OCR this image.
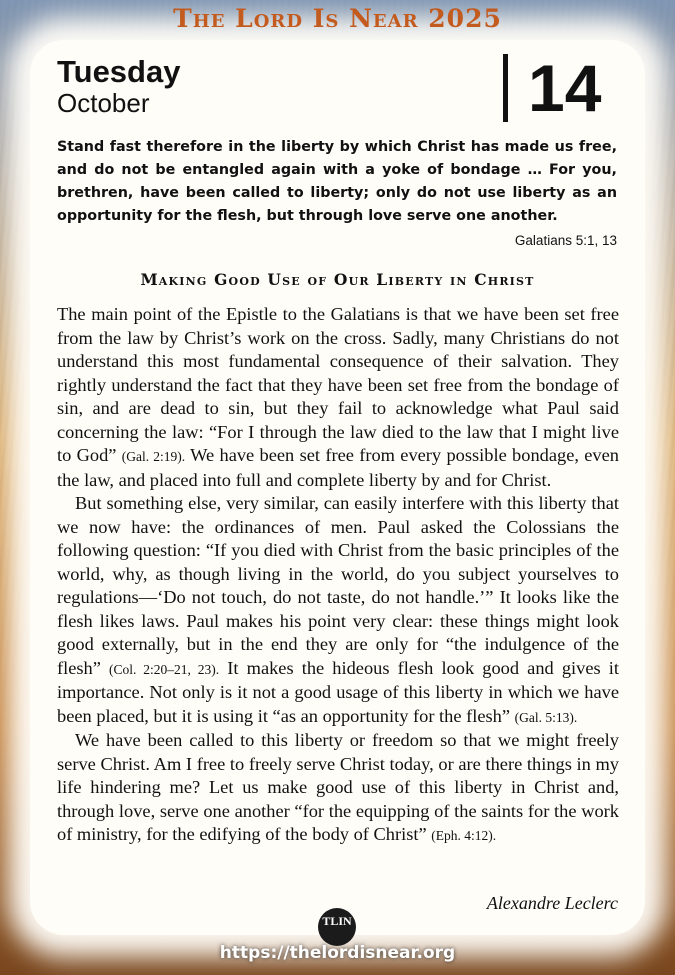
The Lord Is Near 2025
Tuesday
October	14
Stand fast therefore in the liberty by which Christ has made us free, and do not be entangled again with a yoke of bondage … For you, brethren, have been called to liberty; only do not use liberty as an opportunity for the flesh, but through love serve one another.
Galatians 5:1, 13
Making Good Use of Our Liberty in Christ

The main point of the Epistle to the Galatians is that we have been set free from the law by Christ’s work on the cross. Sadly, many Christians do not understand this most fundamental consequence of their salvation. They rightly understand the fact that they have been set free from the bondage of sin, and are dead to sin, but they fail to acknowledge what Paul said concerning the law: “For I through the law died to the law that I might live to God” (Gal. 2:19). We have been set free from every possible bondage, even the law, and placed into full and complete liberty by and for Christ.

But something else, very similar, can easily interfere with this liberty that we now have: the ordinances of men. Paul asked the Colossians the following question: “If you died with Christ from the basic principles of the world, why, as though living in the world, do you subject yourselves to regulations—‘Do not touch, do not taste, do not handle.’” It looks like the flesh likes laws. Paul makes his point very clear: these things might look good externally, but in the end they are only for “the indulgence of the flesh” (Col. 2:20–21, 23). It makes the hideous flesh look good and gives it importance. Not only is it not a good usage of this liberty in which we have been placed, but it is using it “as an opportunity for the flesh” (Gal. 5:13).

We have been called to this liberty or freedom so that we might freely serve Christ. Am I free to freely serve Christ today, or are there things in my life hindering me? Let us make good use of this liberty in Christ and, through love, serve one another “for the equipping of the saints for the work of ministry, for the edifying of the body of Christ” (Eph. 4:12).

Alexandre Leclerc
TLIN
https://thelordisnear.org
